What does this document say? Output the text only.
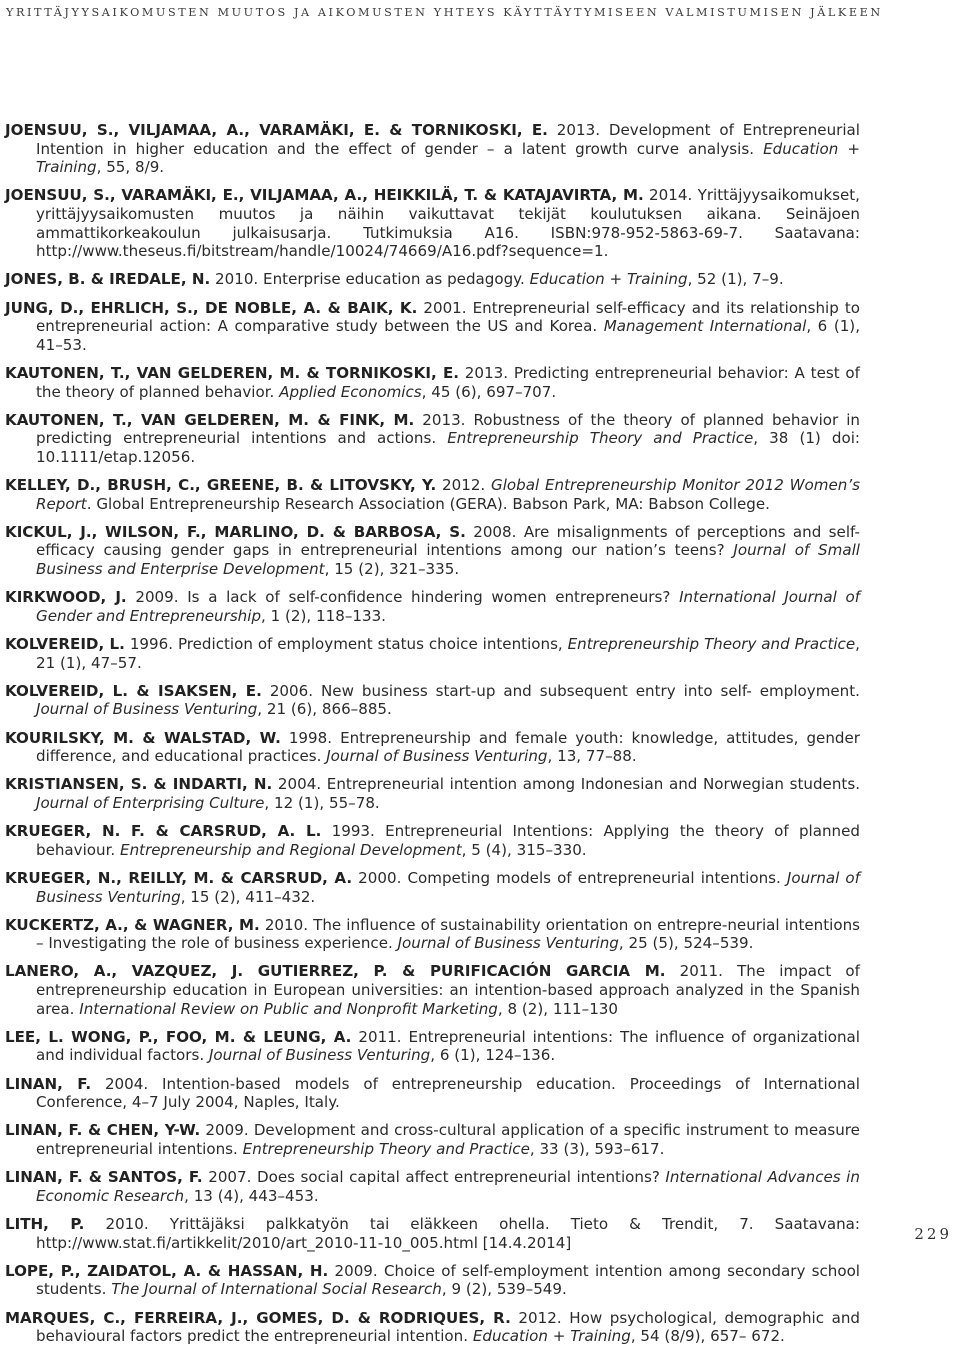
YRITTÄJYYSAIKOMUSTEN MUUTOS JA AIKOMUSTEN YHTEYS KÄYTTÄYTYMISEEN VALMISTUMISEN JÄLKEEN
JOENSUU, S., VILJAMAA, A., VARAMÄKI, E. & TORNIKOSKI, E. 2013. Development of Entrepreneurial Intention in higher education and the effect of gender – a latent growth curve analysis. Education + Training, 55, 8/9.
JOENSUU, S., VARAMÄKI, E., VILJAMAA, A., HEIKKILÄ, T. & KATAJAVIRTA, M. 2014. Yrittäjyysaikomukset, yrittäjyysaikomusten muutos ja näihin vaikuttavat tekijät koulutuksen aikana. Seinäjoen ammattikorkeakoulun julkaisusarja. Tutkimuksia A16. ISBN:978-952-5863-69-7. Saatavana: http://www.theseus.fi/bitstream/handle/10024/74669/A16.pdf?sequence=1.
JONES, B. & IREDALE, N. 2010. Enterprise education as pedagogy. Education + Training, 52 (1), 7–9.
JUNG, D., EHRLICH, S., DE NOBLE, A. & BAIK, K. 2001. Entrepreneurial self-efficacy and its relationship to entrepreneurial action: A comparative study between the US and Korea. Management International, 6 (1), 41–53.
KAUTONEN, T., VAN GELDEREN, M. & TORNIKOSKI, E. 2013. Predicting entrepreneurial behavior: A test of the theory of planned behavior. Applied Economics, 45 (6), 697–707.
KAUTONEN, T., VAN GELDEREN, M. & FINK, M. 2013. Robustness of the theory of planned behavior in predicting entrepreneurial intentions and actions. Entrepreneurship Theory and Practice, 38 (1) doi: 10.1111/etap.12056.
KELLEY, D., BRUSH, C., GREENE, B. & LITOVSKY, Y. 2012. Global Entrepreneurship Monitor 2012 Women’s Report. Global Entrepreneurship Research Association (GERA). Babson Park, MA: Babson College.
KICKUL, J., WILSON, F., MARLINO, D. & BARBOSA, S. 2008. Are misalignments of perceptions and self-efficacy causing gender gaps in entrepreneurial intentions among our nation’s teens? Journal of Small Business and Enterprise Development, 15 (2), 321–335.
KIRKWOOD, J. 2009. Is a lack of self-confidence hindering women entrepreneurs? International Journal of Gender and Entrepreneurship, 1 (2), 118–133.
KOLVEREID, L. 1996. Prediction of employment status choice intentions, Entrepreneurship Theory and Practice, 21 (1), 47–57.
KOLVEREID, L. & ISAKSEN, E. 2006. New business start-up and subsequent entry into self- employment. Journal of Business Venturing, 21 (6), 866–885.
KOURILSKY, M. & WALSTAD, W. 1998. Entrepreneurship and female youth: knowledge, attitudes, gender difference, and educational practices. Journal of Business Venturing, 13, 77–88.
KRISTIANSEN, S. & INDARTI, N. 2004. Entrepreneurial intention among Indonesian and Norwegian students. Journal of Enterprising Culture, 12 (1), 55–78.
KRUEGER, N. F. & CARSRUD, A. L. 1993. Entrepreneurial Intentions: Applying the theory of planned behaviour. Entrepreneurship and Regional Development, 5 (4), 315–330.
KRUEGER, N., REILLY, M. & CARSRUD, A. 2000. Competing models of entrepreneurial intentions. Journal of Business Venturing, 15 (2), 411–432.
KUCKERTZ, A., & WAGNER, M. 2010. The influence of sustainability orientation on entrepre-neurial intentions – Investigating the role of business experience. Journal of Business Venturing, 25 (5), 524–539.
LANERO, A., VAZQUEZ, J. GUTIERREZ, P. & PURIFICACIÓN GARCIA M. 2011. The impact of entrepreneurship education in European universities: an intention-based approach analyzed in the Spanish area. International Review on Public and Nonprofit Marketing, 8 (2), 111–130
LEE, L. WONG, P., FOO, M. & LEUNG, A. 2011. Entrepreneurial intentions: The influence of organizational and individual factors. Journal of Business Venturing, 6 (1), 124–136.
LINAN, F. 2004. Intention-based models of entrepreneurship education. Proceedings of International Conference, 4–7 July 2004, Naples, Italy.
LINAN, F. & CHEN, Y-W. 2009. Development and cross-cultural application of a specific instrument to measure entrepreneurial intentions. Entrepreneurship Theory and Practice, 33 (3), 593–617.
LINAN, F. & SANTOS, F. 2007. Does social capital affect entrepreneurial intentions? International Advances in Economic Research, 13 (4), 443–453.
LITH, P. 2010. Yrittäjäksi palkkatyön tai eläkkeen ohella. Tieto & Trendit, 7. Saatavana: http://www.stat.fi/artikkelit/2010/art_2010-11-10_005.html [14.4.2014]
LOPE, P., ZAIDATOL, A. & HASSAN, H. 2009. Choice of self-employment intention among secondary school students. The Journal of International Social Research, 9 (2), 539–549.
MARQUES, C., FERREIRA, J., GOMES, D. & RODRIQUES, R. 2012. How psychological, demographic and behavioural factors predict the entrepreneurial intention. Education + Training, 54 (8/9), 657– 672.
229
